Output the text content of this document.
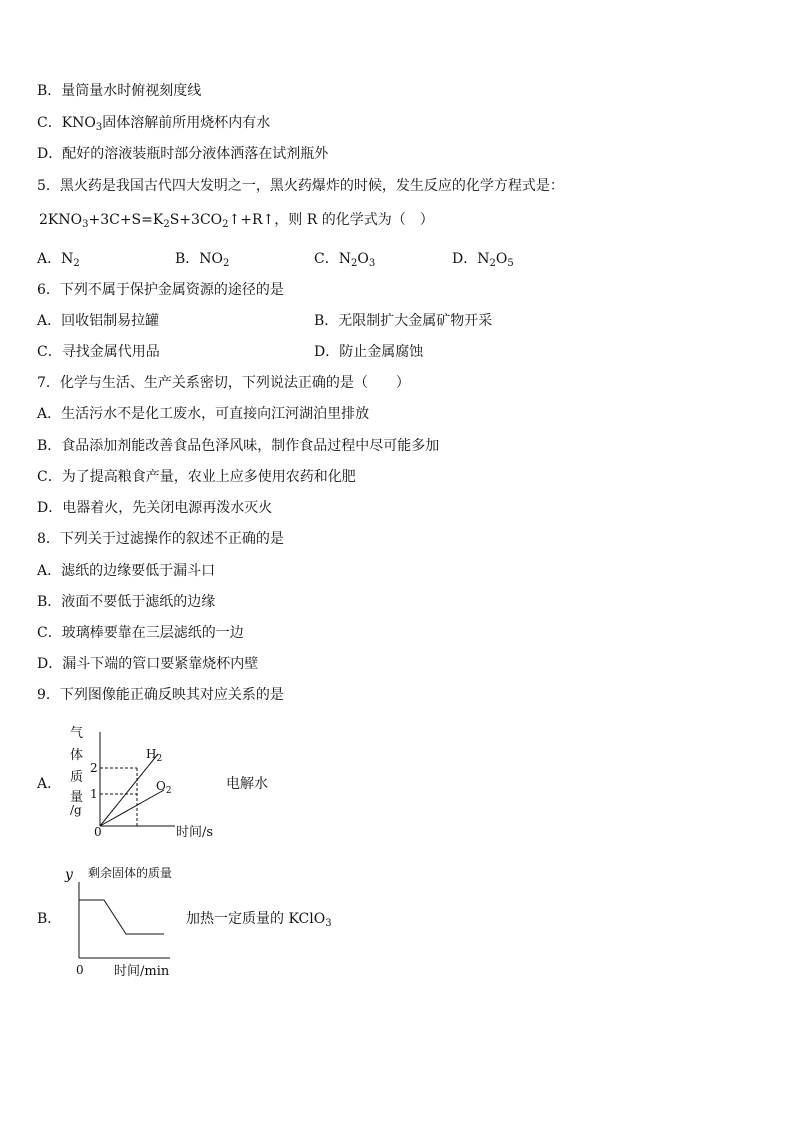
B．量筒量水时俯视刻度线
C．$KNO_3$固体溶解前所用烧杯内有水
D．配好的溶液装瓶时部分液体洒落在试剂瓶外
5．黑火药是我国古代四大发明之一，黑火药爆炸的时候，发生反应的化学方程式是：
$2KNO_3+3C+S=K_2S+3CO_2↑+R↑$，则 R 的化学式为（　）
A．$N_2$	B．$NO_2$	C．$N_2O_3$	D．$N_2O_5$
6．下列不属于保护金属资源的途径的是
A．回收铝制易拉罐	B．无限制扩大金属矿物开采
C．寻找金属代用品	D．防止金属腐蚀
7．化学与生活、生产关系密切，下列说法正确的是（　　）
A．生活污水不是化工废水，可直接向江河湖泊里排放
B．食品添加剂能改善食品色泽风味，制作食品过程中尽可能多加
C．为了提高粮食产量，农业上应多使用农药和化肥
D．电器着火，先关闭电源再泼水灭火
8．下列关于过滤操作的叙述不正确的是
A．滤纸的边缘要低于漏斗口
B．液面不要低于滤纸的边缘
C．玻璃棒要靠在三层滤纸的一边
D．漏斗下端的管口要紧靠烧杯内壁
9．下列图像能正确反映其对应关系的是
A．
气
体
质
量
/g
2
1
0	时间/s
$H_2$
$O_2$	电解水
B．
y 剩余固体的质量
0 时间/min
加热一定质量的 KClO$_3$
